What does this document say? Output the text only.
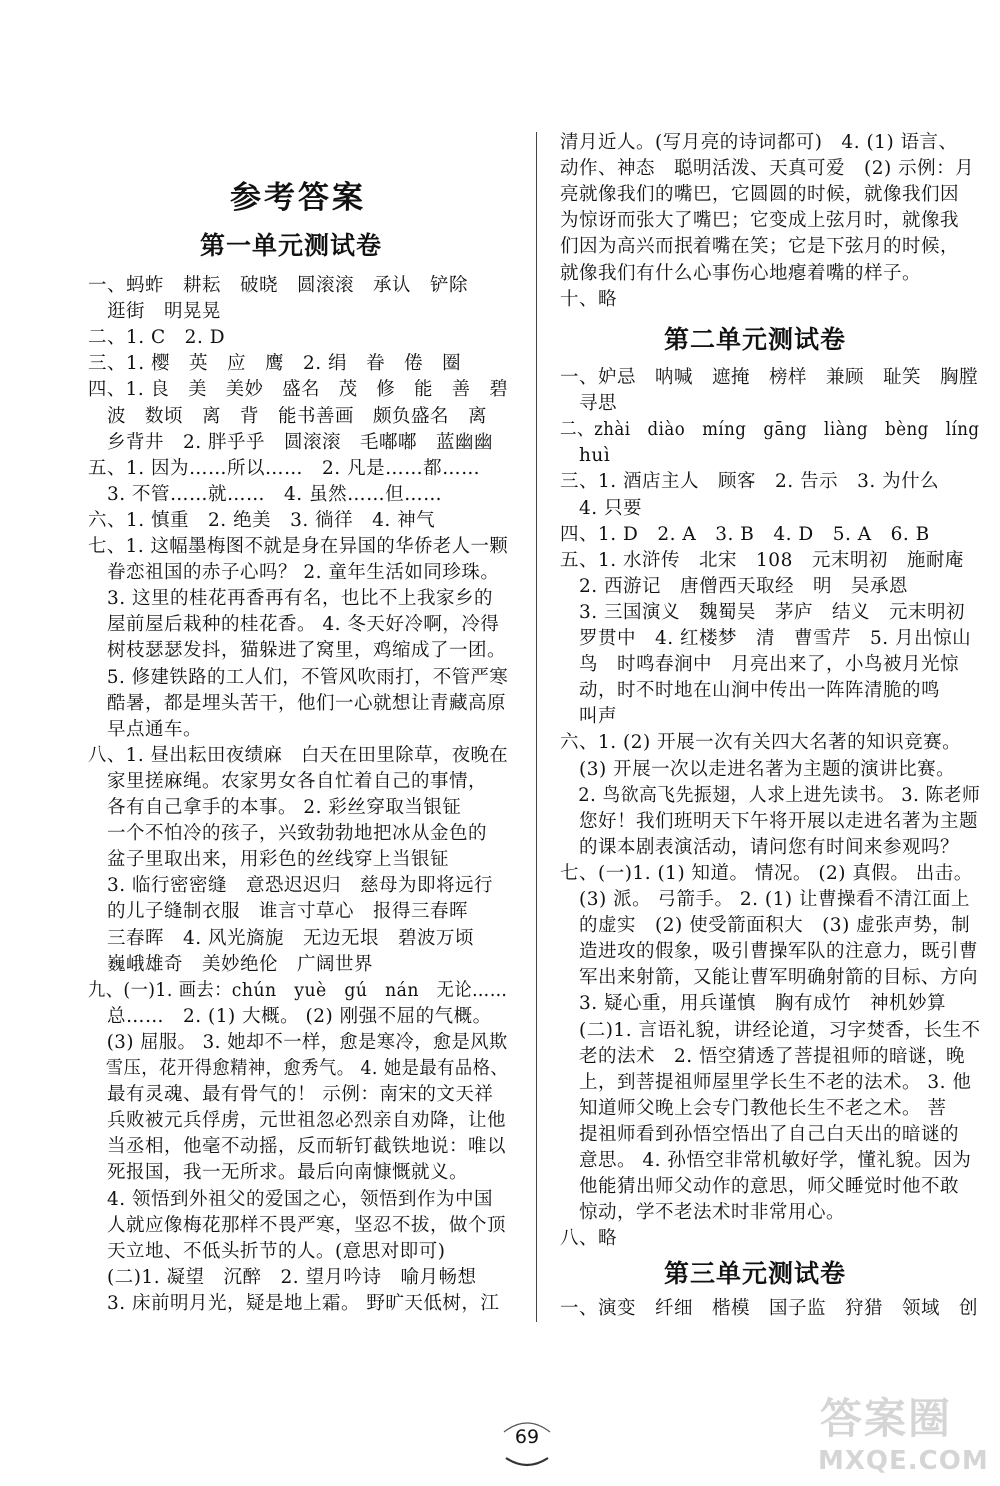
参考答案
第一单元测试卷
一、蚂蚱　耕耘　破晓　圆滚滚　承认　铲除
　逛街　明晃晃
二、1. C　2. D
三、1. 樱　英　应　鹰　2. 绢　眷　倦　圈
四、1. 良　美　美妙　盛名　茂　修　能　善　碧
　波　数顷　离　背　能书善画　颇负盛名　离
　乡背井　2. 胖乎乎　圆滚滚　毛嘟嘟　蓝幽幽
五、1. 因为……所以……　2. 凡是……都……
　3. 不管……就……　4. 虽然……但……
六、1. 慎重　2. 绝美　3. 徜徉　4. 神气
七、1. 这幅墨梅图不就是身在异国的华侨老人一颗
　眷恋祖国的赤子心吗？ 2. 童年生活如同珍珠。
　3. 这里的桂花再香再有名，也比不上我家乡的
　屋前屋后栽种的桂花香。 4. 冬天好冷啊，冷得
　树枝瑟瑟发抖，猫躲进了窝里，鸡缩成了一团。
　5. 修建铁路的工人们，不管风吹雨打，不管严寒
　酷暑，都是埋头苦干，他们一心就想让青藏高原
　早点通车。
八、1. 昼出耘田夜绩麻　白天在田里除草，夜晚在
　家里搓麻绳。农家男女各自忙着自己的事情，
　各有自己拿手的本事。 2. 彩丝穿取当银钲
　一个不怕冷的孩子，兴致勃勃地把冰从金色的
　盆子里取出来，用彩色的丝线穿上当银钲
　3. 临行密密缝　意恐迟迟归　慈母为即将远行
　的儿子缝制衣服　谁言寸草心　报得三春晖
　三春晖　4. 风光旖旎　无边无垠　碧波万顷
　巍峨雄奇　美妙绝伦　广阔世界
九、(一)1. 画去：chún　yuè　gú　nán　无论……
　总……　2. (1) 大概。 (2) 刚强不屈的气概。
　(3) 屈服。 3. 她却不一样，愈是寒冷，愈是风欺
　雪压，花开得愈精神，愈秀气。 4. 她是最有品格、
　最有灵魂、最有骨气的！ 示例：南宋的文天祥
　兵败被元兵俘虏，元世祖忽必烈亲自劝降，让他
　当丞相，他毫不动摇，反而斩钉截铁地说：唯以
　死报国，我一无所求。最后向南慷慨就义。
　4. 领悟到外祖父的爱国之心，领悟到作为中国
　人就应像梅花那样不畏严寒，坚忍不拔，做个顶
　天立地、不低头折节的人。(意思对即可)
　(二)1. 凝望　沉醉　2. 望月吟诗　喻月畅想
　3. 床前明月光，疑是地上霜。 野旷天低树，江
清月近人。(写月亮的诗词都可)　4. (1) 语言、
动作、神态　聪明活泼、天真可爱　(2) 示例：月
亮就像我们的嘴巴，它圆圆的时候，就像我们因
为惊讶而张大了嘴巴；它变成上弦月时，就像我
们因为高兴而抿着嘴在笑；它是下弦月的时候，
就像我们有什么心事伤心地瘪着嘴的样子。
十、略
第二单元测试卷
一、妒忌　呐喊　遮掩　榜样　兼顾　耻笑　胸膛
　寻思
二、zhài　diào　míng　gāng　liàng　bèng　líng
　huì
三、1. 酒店主人　顾客　2. 告示　3. 为什么
　4. 只要
四、1. D　2. A　3. B　4. D　5. A　6. B
五、1. 水浒传　北宋　108　元末明初　施耐庵
　2. 西游记　唐僧西天取经　明　吴承恩
　3. 三国演义　魏蜀吴　茅庐　结义　元末明初
　罗贯中　4. 红楼梦　清　曹雪芹　5. 月出惊山
　鸟　时鸣春涧中　月亮出来了，小鸟被月光惊
　动，时不时地在山涧中传出一阵阵清脆的鸣
　叫声
六、1. (2) 开展一次有关四大名著的知识竞赛。
　(3) 开展一次以走进名著为主题的演讲比赛。
　2. 鸟欲高飞先振翅，人求上进先读书。 3. 陈老师
　您好！我们班明天下午将开展以走进名著为主题
　的课本剧表演活动，请问您有时间来参观吗？
七、(一)1. (1) 知道。 情况。 (2) 真假。 出击。
　(3) 派。 弓箭手。 2. (1) 让曹操看不清江面上
　的虚实　(2) 使受箭面积大　(3) 虚张声势，制
　造进攻的假象，吸引曹操军队的注意力，既引曹
　军出来射箭，又能让曹军明确射箭的目标、方向
　3. 疑心重，用兵谨慎　胸有成竹　神机妙算
　(二)1. 言语礼貌，讲经论道，习字焚香，长生不
　老的法术　2. 悟空猜透了菩提祖师的暗谜，晚
　上，到菩提祖师屋里学长生不老的法术。 3. 他
　知道师父晚上会专门教他长生不老之术。 菩
　提祖师看到孙悟空悟出了自己白天出的暗谜的
　意思。 4. 孙悟空非常机敏好学，懂礼貌。因为
　他能猜出师父动作的意思，师父睡觉时他不敢
　惊动，学不老法术时非常用心。
八、略
第三单元测试卷
一、演变　纤细　楷模　国子监　狩猎　领域　创
69	答案圈
MXQE.COM
